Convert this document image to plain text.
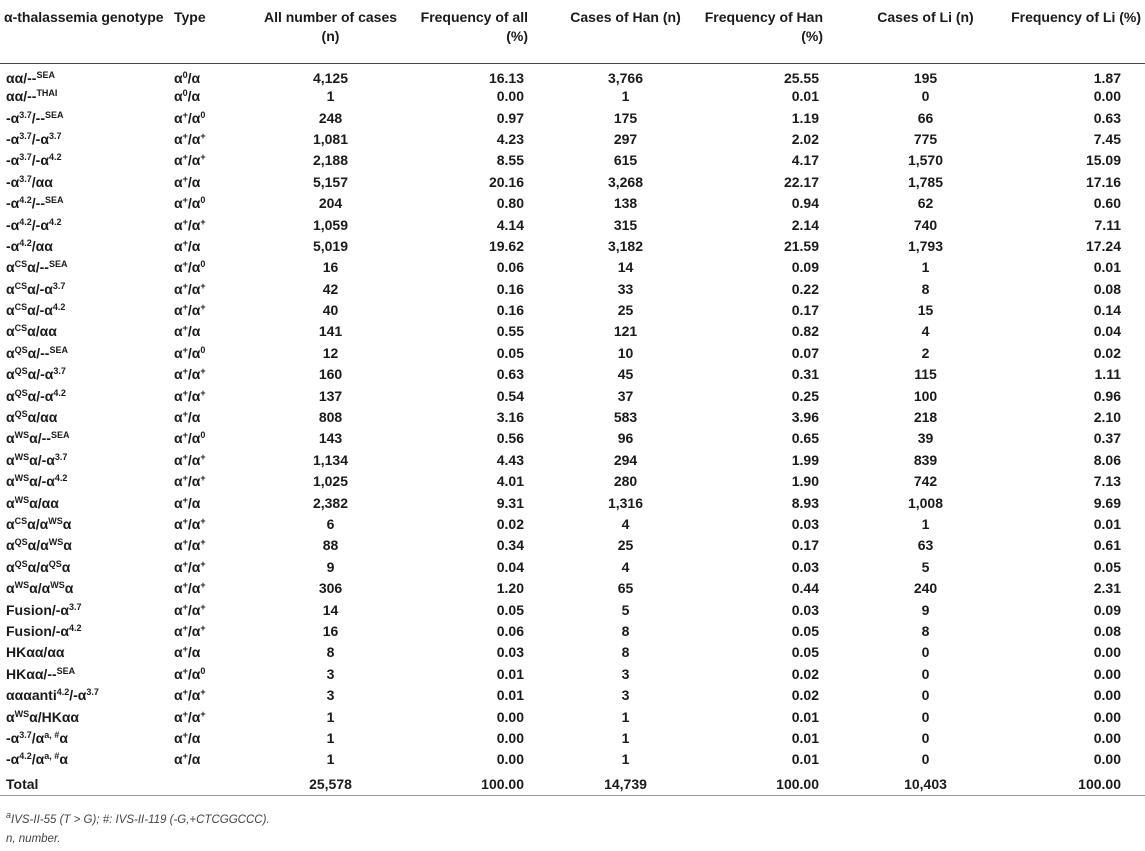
α-thalassemia genotype	Type	All number of cases (n)	Frequency of all (%)	Cases of Han (n)	Frequency of Han (%)	Cases of Li (n)	Frequency of Li (%)
αα/--$^{SEA}$	$\alpha^0/\alpha$	4,125	16.13	3,766	25.55	195	1.87
αα/--$^{THAI}$	$\alpha^0/\alpha$	1	0.00	1	0.01	0	0.00
$-\alpha^{3.7}/--^{SEA}$	$\alpha^+/\alpha^0$	248	0.97	175	1.19	66	0.63
$-\alpha^{3.7}/-\alpha^{3.7}$	α+/α+	1,081	4.23	297	2.02	775	7.45
$-\alpha^{3.7}/-\alpha^{4.2}$	α+/α+	2,188	8.55	615	4.17	1,570	15.09
$-\alpha^{3.7}/\alpha\alpha$	α+/α	5,157	20.16	3,268	22.17	1,785	17.16
$-\alpha^{4.2}/--^{SEA}$	$\alpha^+/\alpha^0$	204	0.80	138	0.94	62	0.60
$-\alpha^{4.2}/-\alpha^{4.2}$	α+/α+	1,059	4.14	315	2.14	740	7.11
$-\alpha^{4.2}/\alpha\alpha$	α+/α	5,019	19.62	3,182	21.59	1,793	17.24
$\alpha^{CS}\alpha/--^{SEA}$	$\alpha^+/\alpha^0$	16	0.06	14	0.09	1	0.01
$\alpha^{CS}\alpha/-\alpha^{3.7}$	α+/α+	42	0.16	33	0.22	8	0.08
$\alpha^{CS}\alpha/-\alpha^{4.2}$	α+/α+	40	0.16	25	0.17	15	0.14
$\alpha^{CS}\alpha/\alpha\alpha$	α+/α	141	0.55	121	0.82	4	0.04
$\alpha^{QS}\alpha/--^{SEA}$	$\alpha^+/\alpha^0$	12	0.05	10	0.07	2	0.02
$\alpha^{QS}\alpha/-\alpha^{3.7}$	α+/α+	160	0.63	45	0.31	115	1.11
$\alpha^{QS}\alpha/-\alpha^{4.2}$	α+/α+	137	0.54	37	0.25	100	0.96
$\alpha^{QS}\alpha/\alpha\alpha$	α+/α	808	3.16	583	3.96	218	2.10
$\alpha^{WS}\alpha/--^{SEA}$	$\alpha^+/\alpha^0$	143	0.56	96	0.65	39	0.37
$\alpha^{WS}\alpha/-\alpha^{3.7}$	α+/α+	1,134	4.43	294	1.99	839	8.06
$\alpha^{WS}\alpha/-\alpha^{4.2}$	α+/α+	1,025	4.01	280	1.90	742	7.13
$\alpha^{WS}\alpha/\alpha\alpha$	α+/α	2,382	9.31	1,316	8.93	1,008	9.69
$\alpha^{CS}\alpha/\alpha^{WS}\alpha$	α+/α+	6	0.02	4	0.03	1	0.01
$\alpha^{QS}\alpha/\alpha^{WS}\alpha$	α+/α+	88	0.34	25	0.17	63	0.61
$\alpha^{QS}\alpha/\alpha^{QS}\alpha$	α+/α+	9	0.04	4	0.03	5	0.05
$\alpha^{WS}\alpha/\alpha^{WS}\alpha$	α+/α+	306	1.20	65	0.44	240	2.31
Fusion/$-\alpha^{3.7}$	α+/α+	14	0.05	5	0.03	9	0.09
Fusion/$-\alpha^{4.2}$	α+/α+	16	0.06	8	0.05	8	0.08
HKαα/αα	α+/α	8	0.03	8	0.05	0	0.00
HKαα/--$^{SEA}$	$\alpha^+/\alpha^0$	3	0.01	3	0.02	0	0.00
$\alpha\alpha\alpha anti^{4.2}/-\alpha^{3.7}$	α+/α+	3	0.01	3	0.02	0	0.00
$\alpha^{WS}\alpha$/HKαα	α+/α+	1	0.00	1	0.01	0	0.00
$-\alpha^{3.7}/\alpha^{a, \#}\alpha$	α+/α	1	0.00	1	0.01	0	0.00
$-\alpha^{4.2}/\alpha^{a, \#}\alpha$	α+/α	1	0.00	1	0.01	0	0.00
Total		25,578	100.00	14,739	100.00	10,403	100.00
$^a$IVS-II-55 (T > G); #: IVS-II-119 (-G,+CTCGGCCC).
n, number.
